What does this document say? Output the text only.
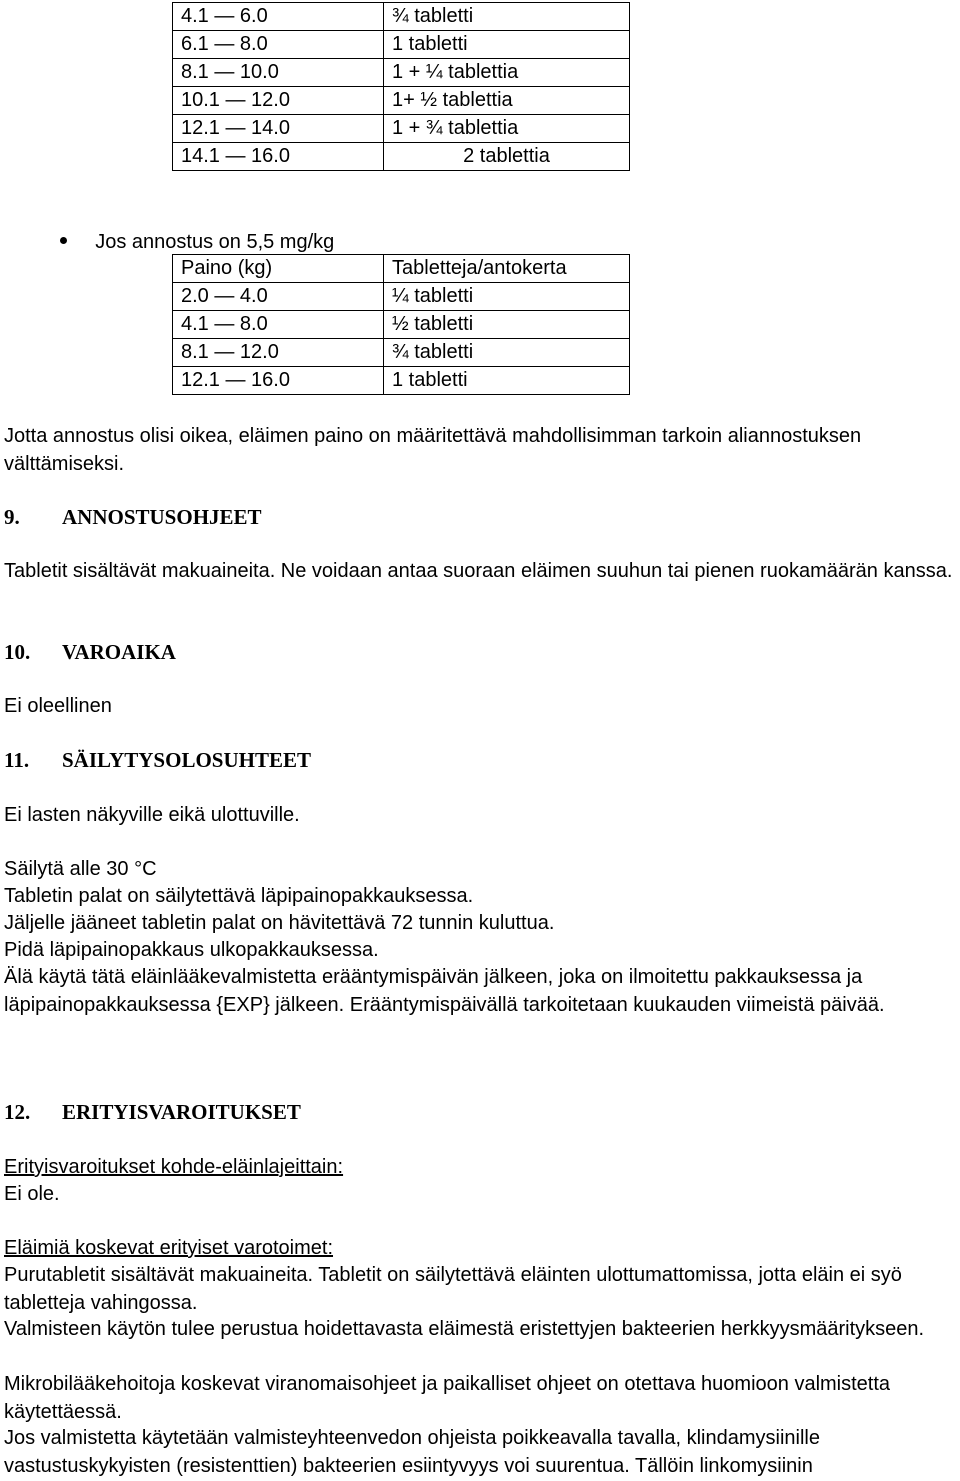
4.1 — 6.0	¾ tabletti
6.1 — 8.0	1 tabletti
8.1 — 10.0	1 + ¼ tablettia
10.1 — 12.0	1+ ½ tablettia
12.1 — 14.0	1 + ¾ tablettia
14.1 — 16.0	2 tablettia

Jos annostus on 5,5 mg/kg

Paino (kg)	Tabletteja/antokerta
2.0 — 4.0	¼ tabletti
4.1 — 8.0	½ tabletti
8.1 — 12.0	¾ tabletti
12.1 — 16.0	1 tabletti
Jotta annostus olisi oikea, eläimen paino on määritettävä mahdollisimman tarkoin aliannostuksen välttämiseksi.
9. ANNOSTUSOHJEET
Tabletit sisältävät makuaineita. Ne voidaan antaa suoraan eläimen suuhun tai pienen ruokamäärän kanssa.
10. VAROAIKA
Ei oleellinen
11. SÄILYTYSOLOSUHTEET
Ei lasten näkyville eikä ulottuville.
Säilytä alle 30 °C
Tabletin palat on säilytettävä läpipainopakkauksessa.
Jäljelle jääneet tabletin palat on hävitettävä 72 tunnin kuluttua.
Pidä läpipainopakkaus ulkopakkauksessa.
Älä käytä tätä eläinlääkevalmistetta erääntymispäivän jälkeen, joka on ilmoitettu pakkauksessa ja läpipainopakkauksessa {EXP} jälkeen. Erääntymispäivällä tarkoitetaan kuukauden viimeistä päivää.
12. ERITYISVAROITUKSET
Erityisvaroitukset kohde-eläinlajeittain:
Ei ole.
Eläimiä koskevat erityiset varotoimet:
Purutabletit sisältävät makuaineita. Tabletit on säilytettävä eläinten ulottumattomissa, jotta eläin ei syö tabletteja vahingossa.
Valmisteen käytön tulee perustua hoidettavasta eläimestä eristettyjen bakteerien herkkyysmääritykseen.
Mikrobilääkehoitoja koskevat viranomaisohjeet ja paikalliset ohjeet on otettava huomioon valmistetta käytettäessä.
Jos valmistetta käytetään valmisteyhteenvedon ohjeista poikkeavalla tavalla, klindamysiinille vastustuskykyisten (resistenttien) bakteerien esiintyvyys voi suurentua. Tällöin linkomysiinin
